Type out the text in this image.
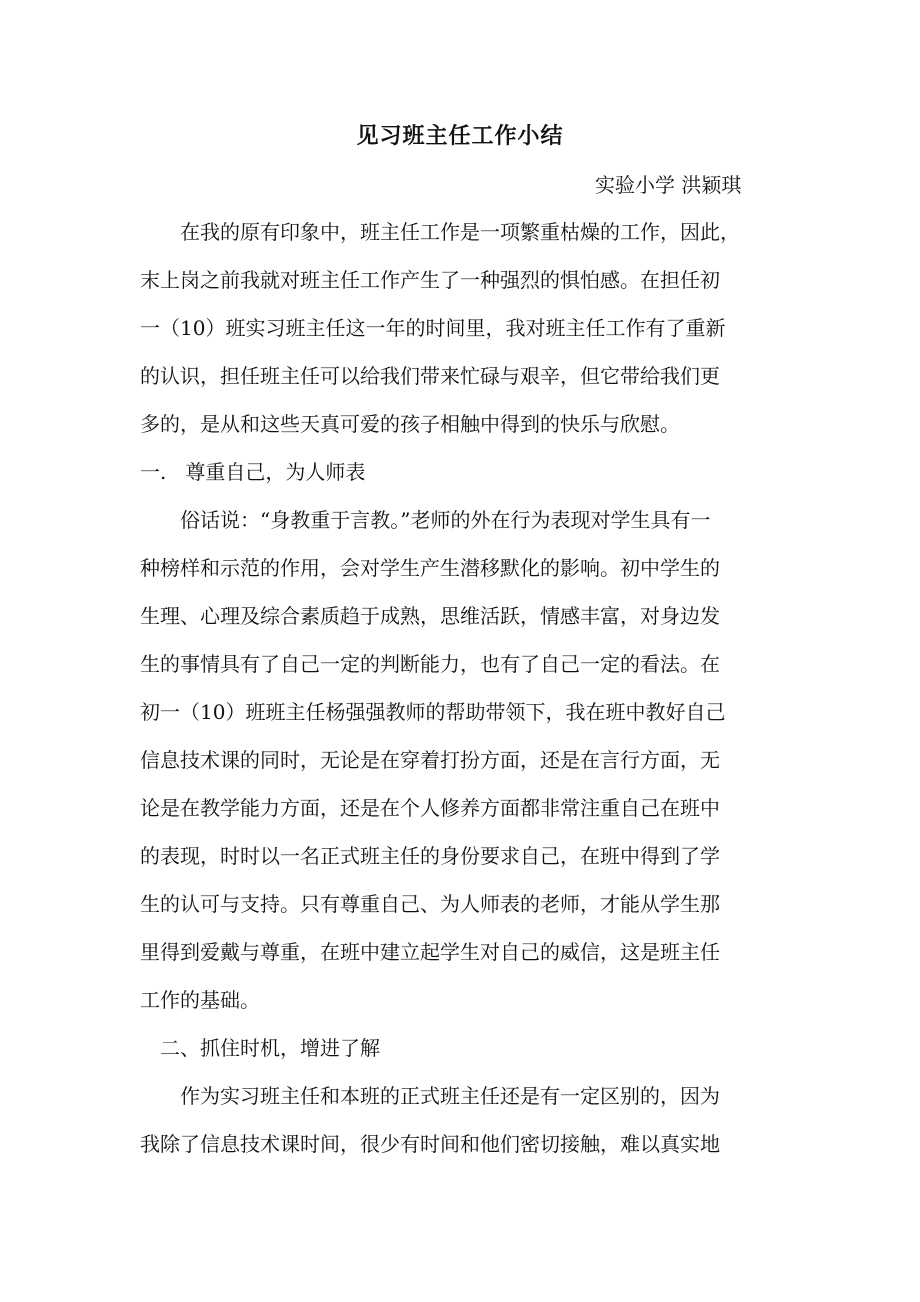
见习班主任工作小结
实验小学 洪颖琪
在我的原有印象中，班主任工作是一项繁重枯燥的工作，因此，
末上岗之前我就对班主任工作产生了一种强烈的惧怕感。在担任初
一（10）班实习班主任这一年的时间里，我对班主任工作有了重新
的认识，担任班主任可以给我们带来忙碌与艰辛，但它带给我们更
多的，是从和这些天真可爱的孩子相触中得到的快乐与欣慰。
一.   尊重自己，为人师表
俗话说：“身教重于言教。”老师的外在行为表现对学生具有一
种榜样和示范的作用，会对学生产生潜移默化的影响。初中学生的
生理、心理及综合素质趋于成熟，思维活跃，情感丰富，对身边发
生的事情具有了自己一定的判断能力，也有了自己一定的看法。在
初一（10）班班主任杨强强教师的帮助带领下，我在班中教好自己
信息技术课的同时，无论是在穿着打扮方面，还是在言行方面，无
论是在教学能力方面，还是在个人修养方面都非常注重自己在班中
的表现，时时以一名正式班主任的身份要求自己，在班中得到了学
生的认可与支持。只有尊重自己、为人师表的老师，才能从学生那
里得到爱戴与尊重，在班中建立起学生对自己的威信，这是班主任
工作的基础。
二、抓住时机，增进了解
作为实习班主任和本班的正式班主任还是有一定区别的，因为
我除了信息技术课时间，很少有时间和他们密切接触，难以真实地
